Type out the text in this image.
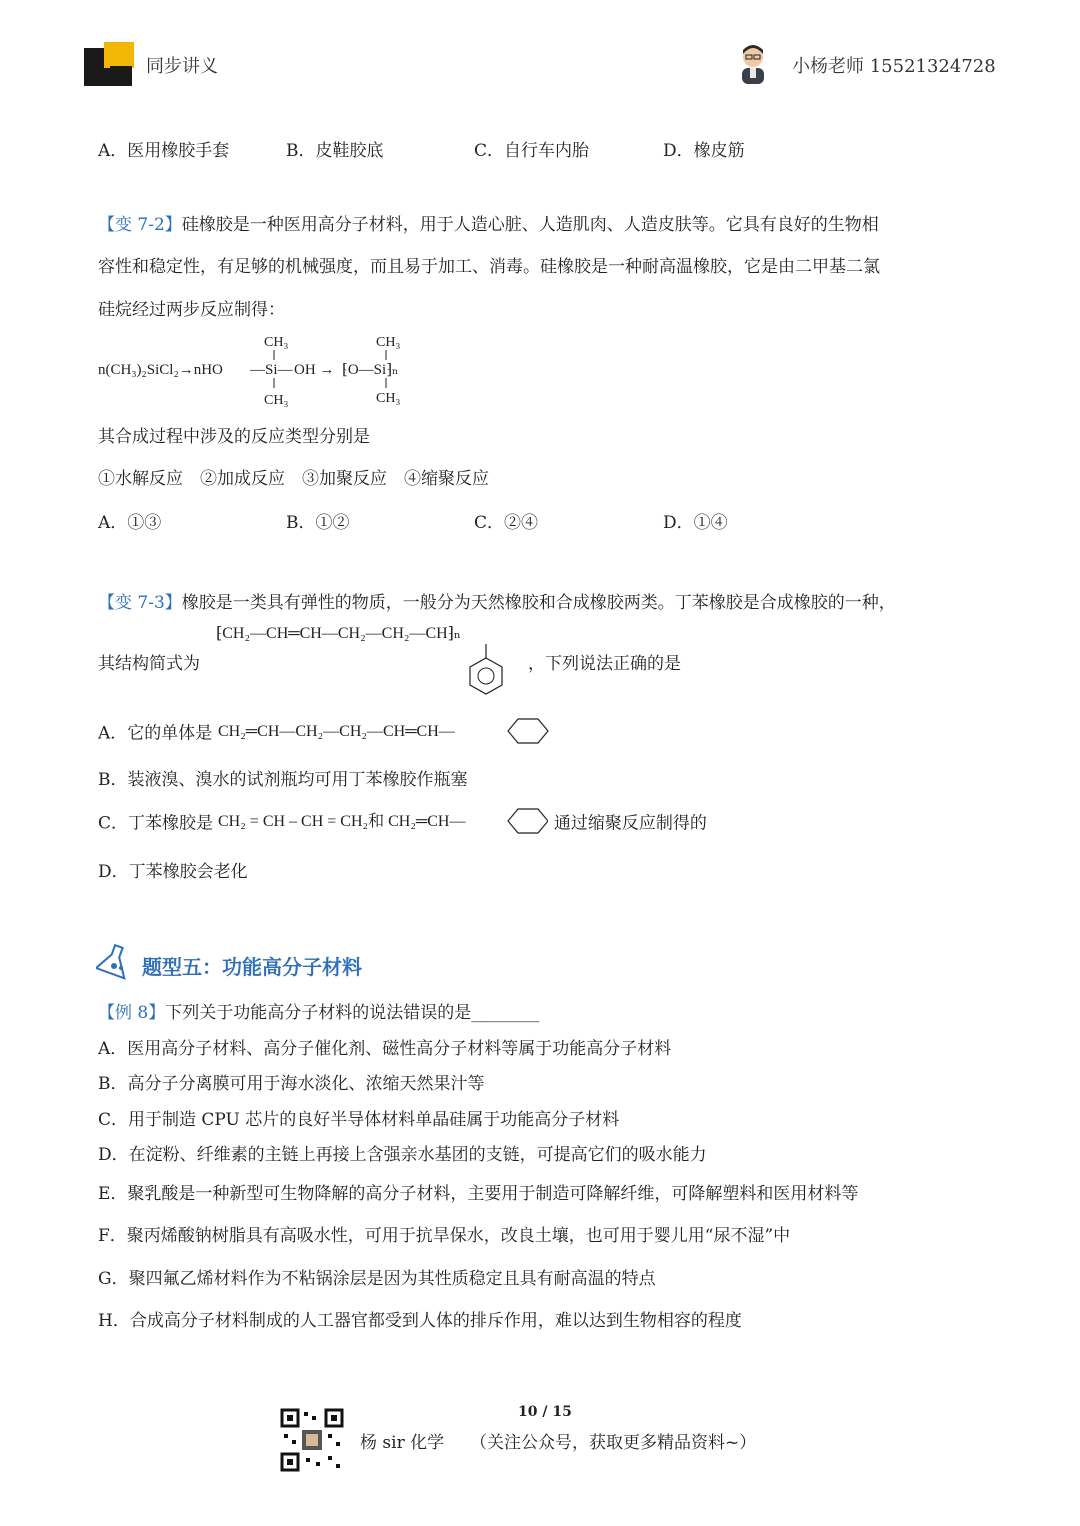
同步讲义	小杨老师 15521324728
A．医用橡胶手套	B．皮鞋胶底	C．自行车内胎	D．橡皮筋
【变 7-2】硅橡胶是一种医用高分子材料，用于人造心脏、人造肌肉、人造皮肤等。它具有良好的生物相
容性和稳定性，有足够的机械强度，而且易于加工、消毒。硅橡胶是一种耐高温橡胶，它是由二甲基二氯
硅烷经过两步反应制得：
n(CH₃)₂SiCl₂→nHO
CH₃
—Si—
CH₃
OH → ⁅O—Si⁆ₙ
CH₃
CH₃
其合成过程中涉及的反应类型分别是
①水解反应　②加成反应　③加聚反应　④缩聚反应
A．①③	B．①②	C．②④	D．①④
【变 7-3】橡胶是一类具有弹性的物质，一般分为天然橡胶和合成橡胶两类。丁苯橡胶是合成橡胶的一种，
其结构简式为
⁅CH₂—CH═CH—CH₂—CH₂—CH⁆ₙ
，下列说法正确的是
A．它的单体是 CH₂═CH—CH₂—CH₂—CH═CH—
B．装液溴、溴水的试剂瓶均可用丁苯橡胶作瓶塞
C．丁苯橡胶是 CH₂ = CH – CH = CH₂和 CH₂═CH—	通过缩聚反应制得的
D．丁苯橡胶会老化
题型五：功能高分子材料
【例 8】下列关于功能高分子材料的说法错误的是________
A．医用高分子材料、高分子催化剂、磁性高分子材料等属于功能高分子材料
B．高分子分离膜可用于海水淡化、浓缩天然果汁等
C．用于制造 CPU 芯片的良好半导体材料单晶硅属于功能高分子材料
D．在淀粉、纤维素的主链上再接上含强亲水基团的支链，可提高它们的吸水能力
E．聚乳酸是一种新型可生物降解的高分子材料，主要用于制造可降解纤维，可降解塑料和医用材料等
F．聚丙烯酸钠树脂具有高吸水性，可用于抗旱保水，改良土壤，也可用于婴儿用“尿不湿”中
G．聚四氟乙烯材料作为不粘锅涂层是因为其性质稳定且具有耐高温的特点
H．合成高分子材料制成的人工器官都受到人体的排斥作用，难以达到生物相容的程度
10 / 15
杨 sir 化学 （关注公众号，获取更多精品资料~）
